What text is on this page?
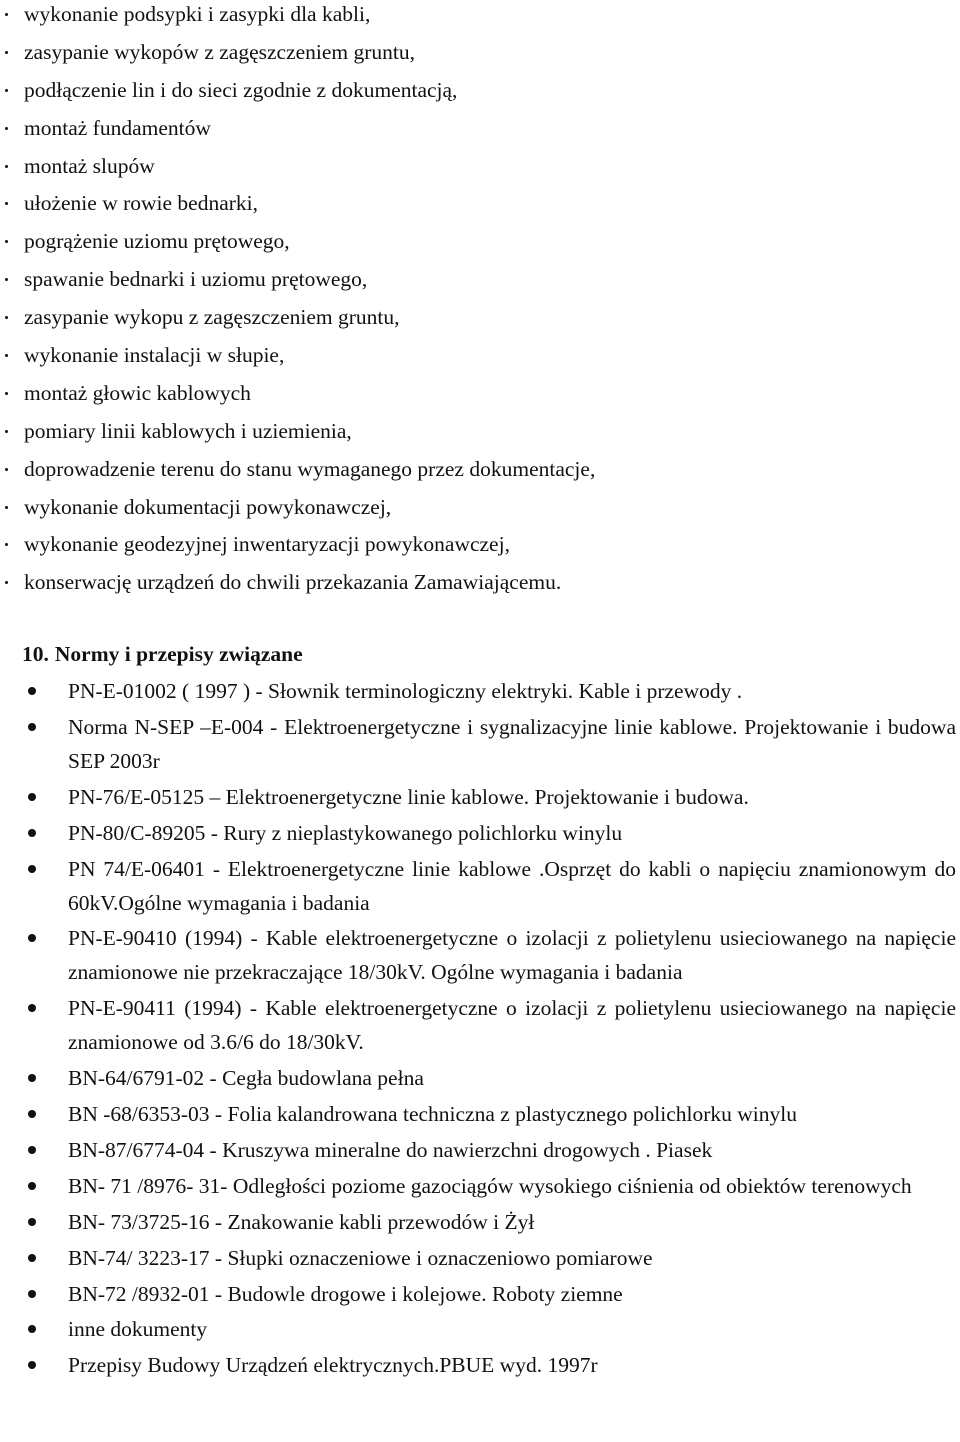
wykonanie podsypki i zasypki dla kabli,
zasypanie wykopów z zagęszczeniem gruntu,
podłączenie lin i do sieci zgodnie z dokumentacją,
montaż fundamentów
montaż slupów
ułożenie w rowie bednarki,
pogrążenie uziomu prętowego,
spawanie bednarki i uziomu prętowego,
zasypanie wykopu z zagęszczeniem gruntu,
wykonanie instalacji w słupie,
montaż głowic kablowych
pomiary linii kablowych i uziemienia,
doprowadzenie terenu do stanu wymaganego przez dokumentacje,
wykonanie dokumentacji powykonawczej,
wykonanie geodezyjnej inwentaryzacji powykonawczej,
konserwację urządzeń do chwili przekazania Zamawiającemu.
10. Normy i przepisy związane
PN-E-01002 ( 1997 ) - Słownik terminologiczny elektryki. Kable i przewody .
Norma N-SEP –E-004 - Elektroenergetyczne i sygnalizacyjne linie kablowe. Projektowanie i budowa SEP 2003r
PN-76/E-05125 – Elektroenergetyczne linie kablowe. Projektowanie i budowa.
PN-80/C-89205 - Rury z nieplastykowanego polichlorku winylu
PN 74/E-06401 - Elektroenergetyczne linie kablowe .Osprzęt do kabli o napięciu znamionowym do 60kV.Ogólne wymagania i badania
PN-E-90410 (1994) - Kable elektroenergetyczne o izolacji z polietylenu usieciowanego na napięcie znamionowe nie przekraczające 18/30kV. Ogólne wymagania i badania
PN-E-90411 (1994) - Kable elektroenergetyczne o izolacji z polietylenu usieciowanego na napięcie znamionowe od 3.6/6 do 18/30kV.
BN-64/6791-02 - Cegła budowlana pełna
BN -68/6353-03 - Folia kalandrowana techniczna z plastycznego polichlorku winylu
BN-87/6774-04 - Kruszywa mineralne do nawierzchni drogowych . Piasek
BN- 71 /8976- 31- Odległości poziome gazociągów wysokiego ciśnienia od obiektów terenowych
BN- 73/3725-16 - Znakowanie kabli przewodów i Żył
BN-74/ 3223-17 - Słupki oznaczeniowe i oznaczeniowo pomiarowe
BN-72 /8932-01 - Budowle drogowe i kolejowe. Roboty ziemne
inne dokumenty
Przepisy Budowy Urządzeń elektrycznych.PBUE wyd. 1997r
